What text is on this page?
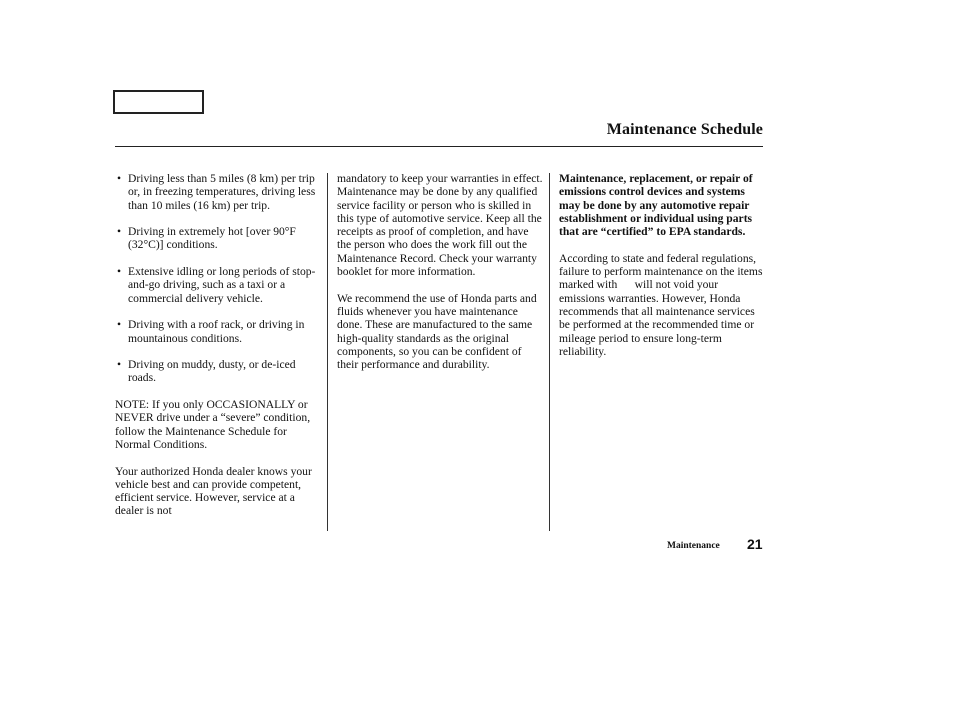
Maintenance Schedule
• Driving less than 5 miles (8 km) per trip or, in freezing temperatures, driving less than 10 miles (16 km) per trip.
• Driving in extremely hot [over 90°F (32°C)] conditions.
• Extensive idling or long periods of stop-and-go driving, such as a taxi or a commercial delivery vehicle.
• Driving with a roof rack, or driving in mountainous conditions.
• Driving on muddy, dusty, or de-iced roads.

NOTE: If you only OCCASIONALLY or NEVER drive under a “severe” condition, follow the Maintenance Schedule for Normal Conditions.

Your authorized Honda dealer knows your vehicle best and can provide competent, efficient service. However, service at a dealer is not

mandatory to keep your warranties in effect. Maintenance may be done by any qualified service facility or person who is skilled in this type of automotive service. Keep all the receipts as proof of completion, and have the person who does the work fill out the Maintenance Record. Check your warranty booklet for more information.

We recommend the use of Honda parts and fluids whenever you have maintenance done. These are manufactured to the same high-quality standards as the original components, so you can be confident of their performance and durability.

Maintenance, replacement, or repair of emissions control devices and systems may be done by any automotive repair establishment or individual using parts that are “certified” to EPA standards.

According to state and federal regulations, failure to perform maintenance on the items marked with      will not void your emissions warranties. However, Honda recommends that all maintenance services be performed at the recommended time or mileage period to ensure long-term reliability.

Maintenance 21
